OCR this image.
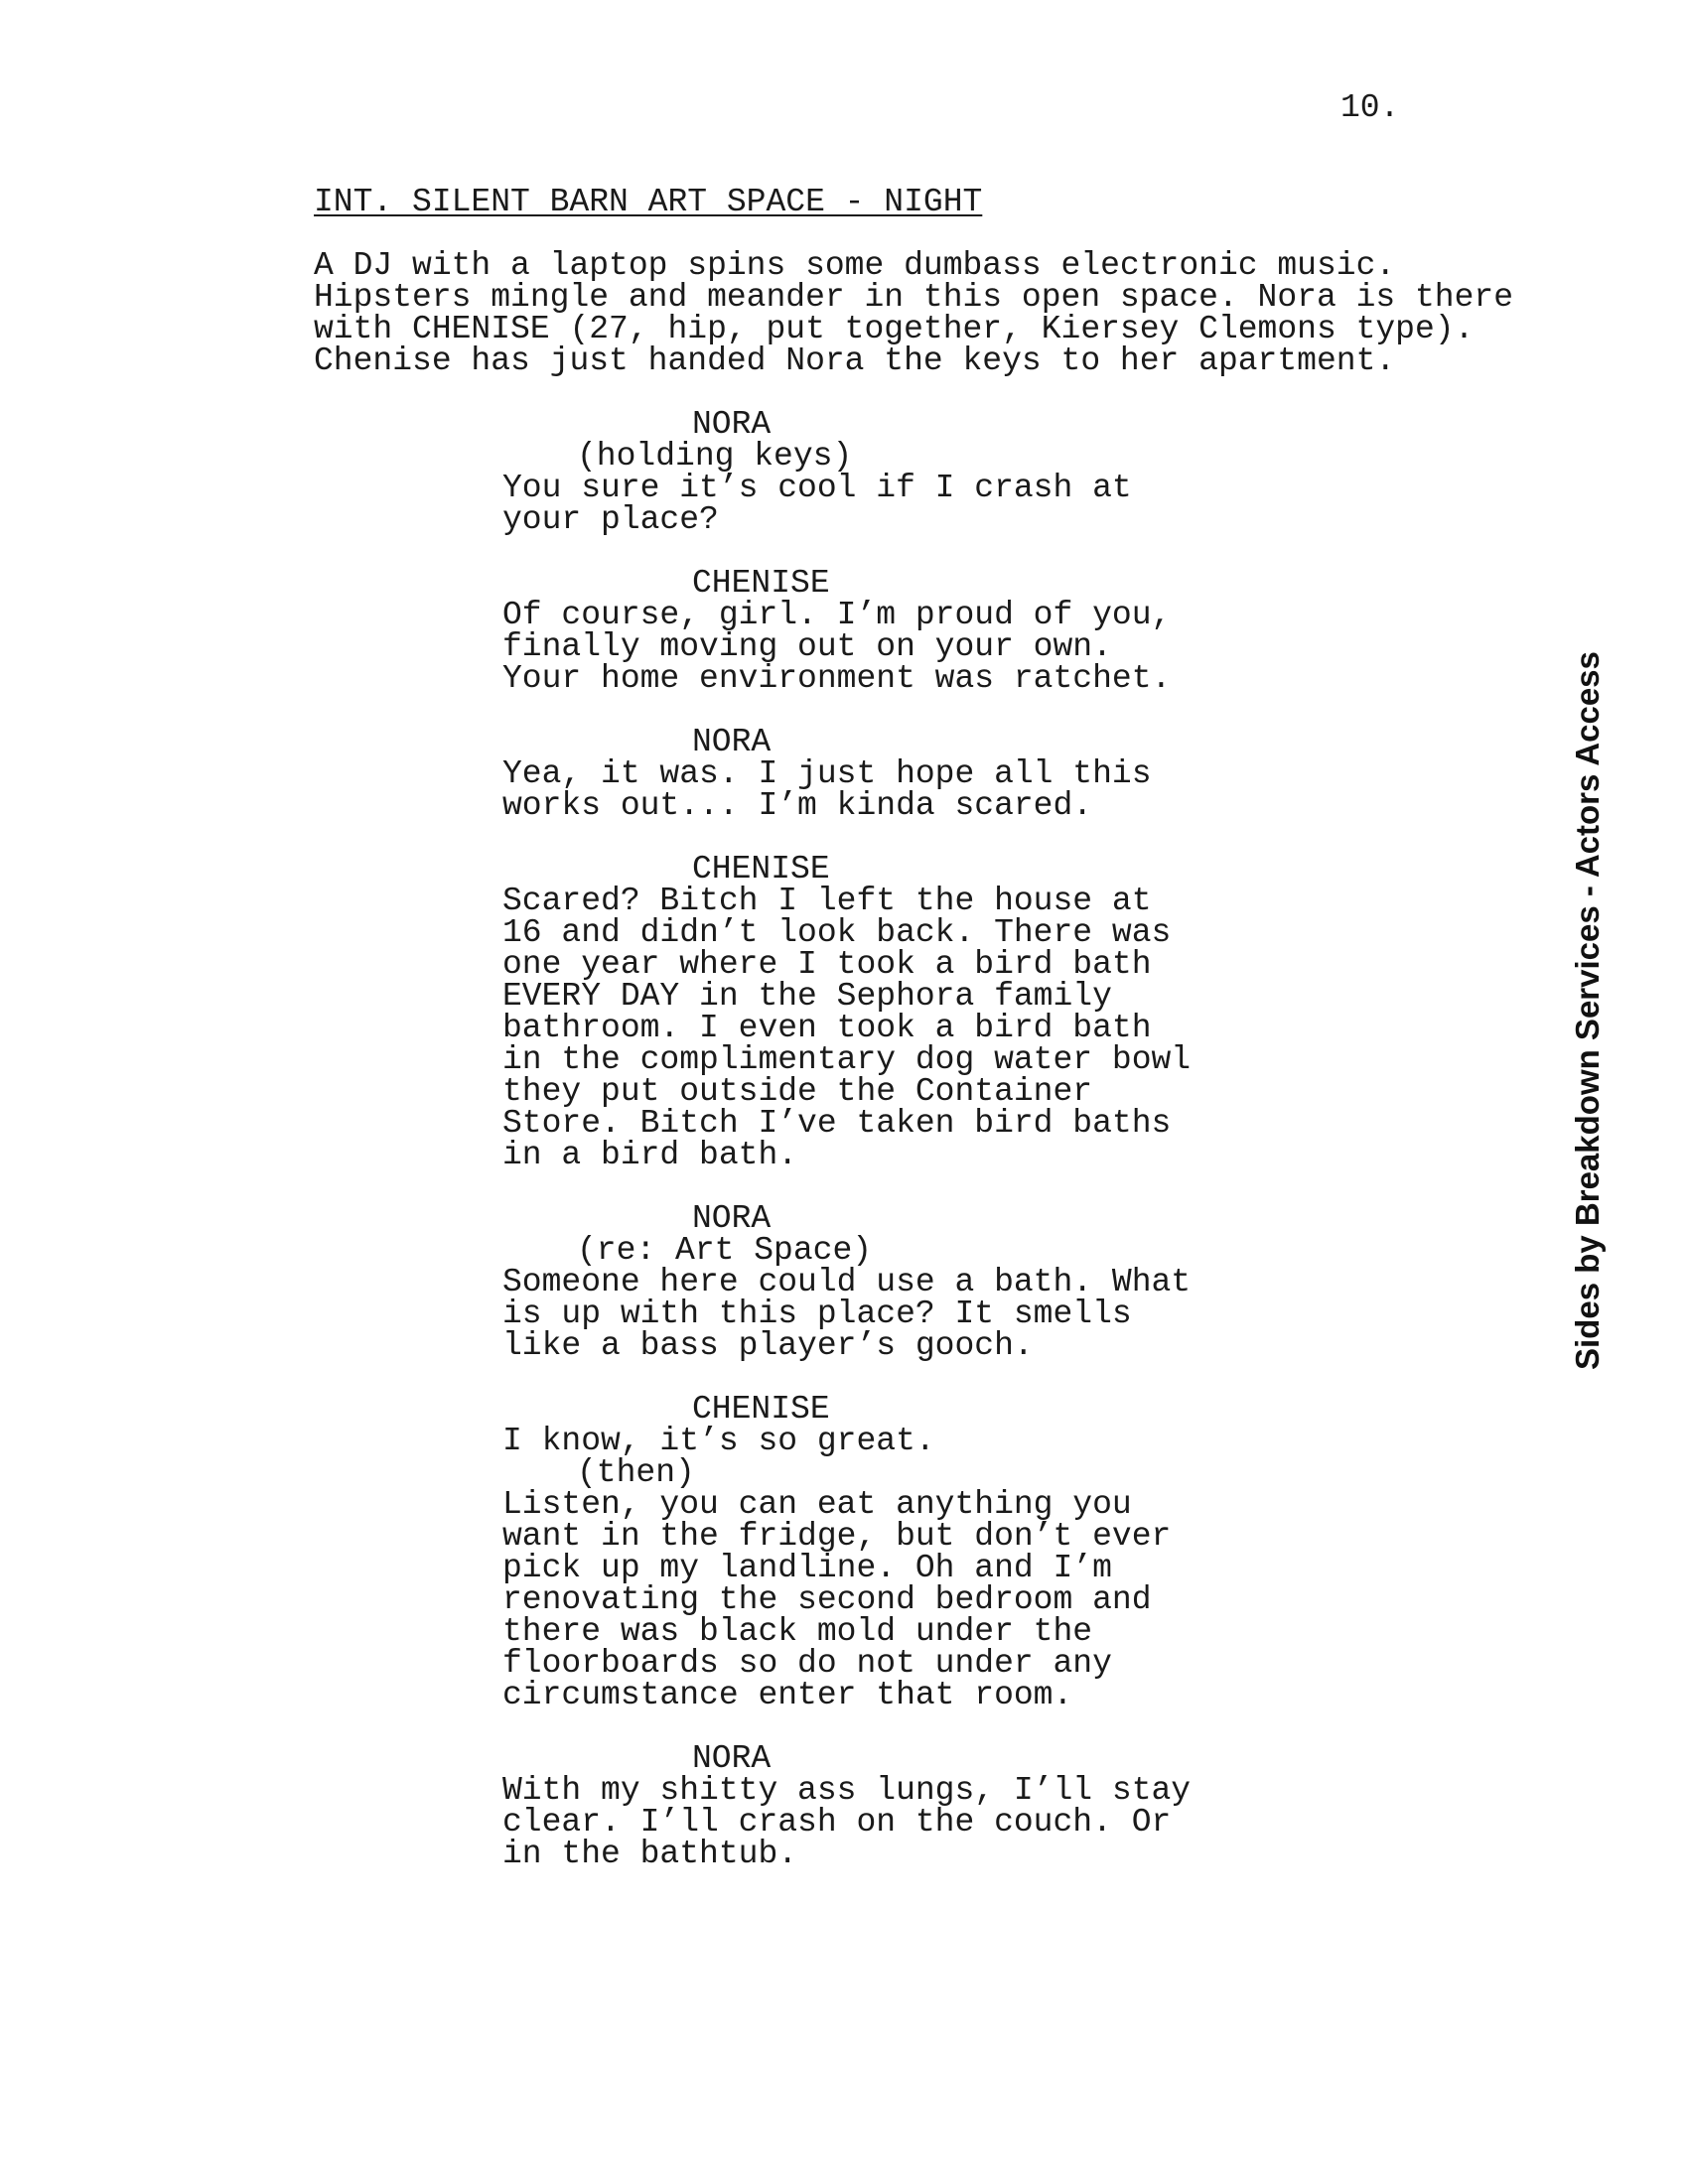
10.
INT. SILENT BARN ART SPACE - NIGHT
A DJ with a laptop spins some dumbass electronic music.
Hipsters mingle and meander in this open space. Nora is there
with CHENISE (27, hip, put together, Kiersey Clemons type).
Chenise has just handed Nora the keys to her apartment.
NORA
(holding keys)
You sure it’s cool if I crash at
your place?
CHENISE
Of course, girl. I’m proud of you,
finally moving out on your own.
Your home environment was ratchet.
NORA
Yea, it was. I just hope all this
works out... I’m kinda scared.
CHENISE
Scared? Bitch I left the house at
16 and didn’t look back. There was
one year where I took a bird bath
EVERY DAY in the Sephora family
bathroom. I even took a bird bath
in the complimentary dog water bowl
they put outside the Container
Store. Bitch I’ve taken bird baths
in a bird bath.
NORA
(re: Art Space)
Someone here could use a bath. What
is up with this place? It smells
like a bass player’s gooch.
CHENISE
I know, it’s so great.
(then)
Listen, you can eat anything you
want in the fridge, but don’t ever
pick up my landline. Oh and I’m
renovating the second bedroom and
there was black mold under the
floorboards so do not under any
circumstance enter that room.
NORA
With my shitty ass lungs, I’ll stay
clear. I’ll crash on the couch. Or
in the bathtub.
Sides by Breakdown Services - Actors Access
